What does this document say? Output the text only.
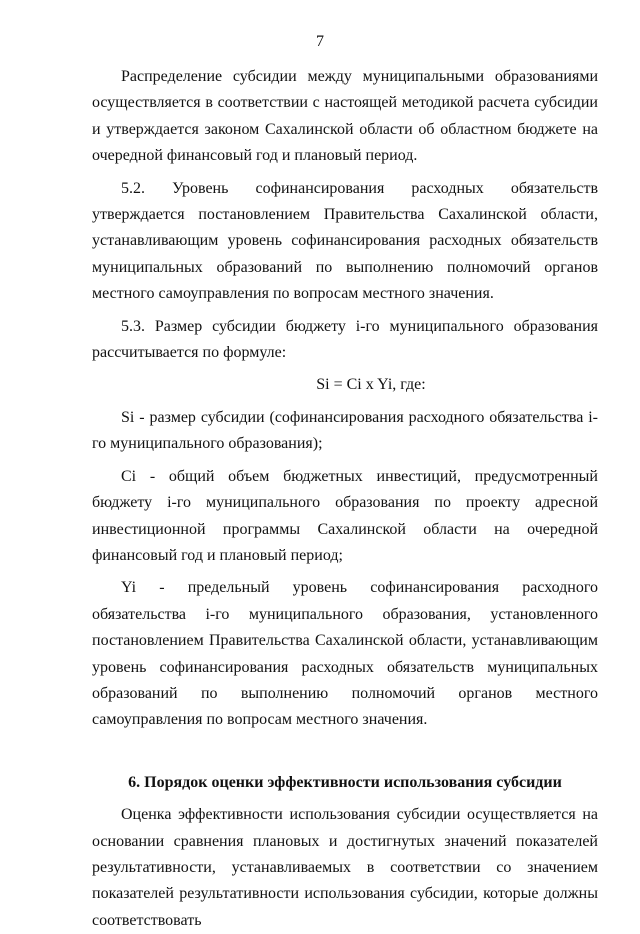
7

Распределение субсидии между муниципальными образованиями осуществляется в соответствии с настоящей методикой расчета субсидии и утверждается законом Сахалинской области об областном бюджете на очередной финансовый год и плановый период.

5.2. Уровень софинансирования расходных обязательств утверждается постановлением Правительства Сахалинской области, устанавливающим уровень софинансирования расходных обязательств муниципальных образований по выполнению полномочий органов местного самоуправления по вопросам местного значения.

5.3. Размер субсидии бюджету i-го муниципального образования рассчитывается по формуле:

Si = Ci x Yi, где:

Si - размер субсидии (софинансирования расходного обязательства i-го муниципального образования);

Ci - общий объем бюджетных инвестиций, предусмотренный бюджету i-го муниципального образования по проекту адресной инвестиционной программы Сахалинской области на очередной финансовый год и плановый период;

Yi - предельный уровень софинансирования расходного обязательства i-го муниципального образования, установленного постановлением Правительства Сахалинской области, устанавливающим уровень софинансирования расходных обязательств муниципальных образований по выполнению полномочий органов местного самоуправления по вопросам местного значения.

6. Порядок оценки эффективности использования субсидии

Оценка эффективности использования субсидии осуществляется на основании сравнения плановых и достигнутых значений показателей результативности, устанавливаемых в соответствии со значением показателей результативности использования субсидии, которые должны соответствовать
